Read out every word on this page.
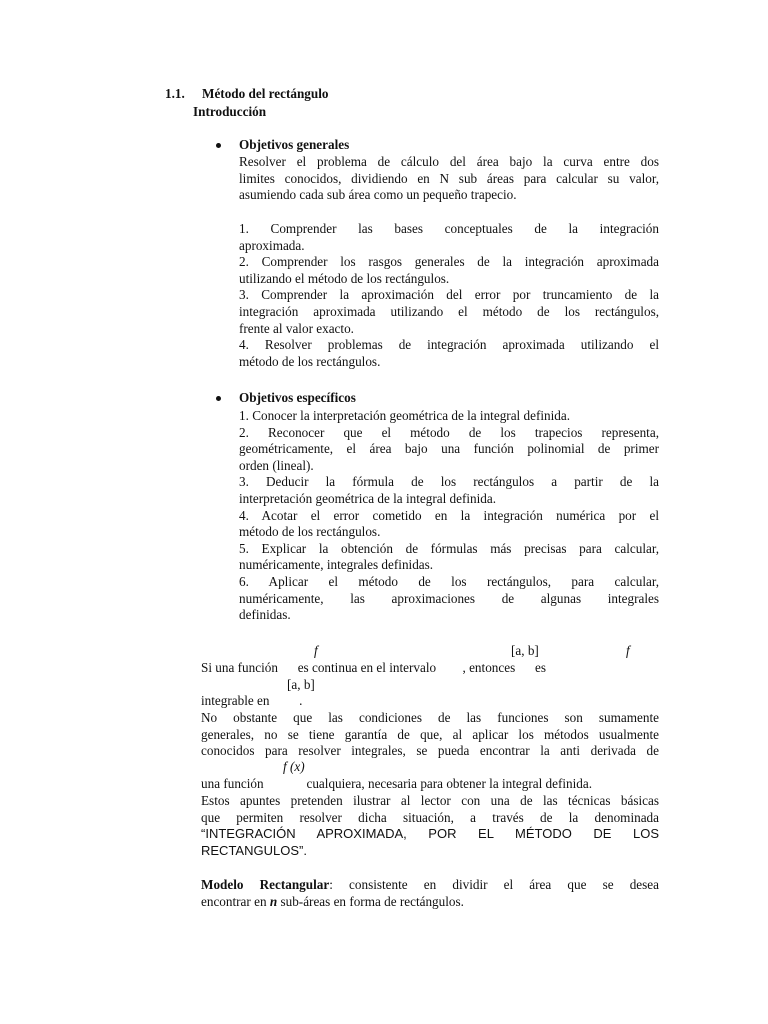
1.1. Método del rectángulo
Introducción
Objetivos generales

Resolver el problema de cálculo del área bajo la curva entre dos

limites conocidos, dividiendo en N sub áreas para calcular su valor,

asumiendo cada sub área como un pequeño trapecio.

1. Comprender las bases conceptuales de la integración

aproximada.

2. Comprender los rasgos generales de la integración aproximada

utilizando el método de los rectángulos.

3. Comprender la aproximación del error por truncamiento de la

integración aproximada utilizando el método de los rectángulos,

frente al valor exacto.

4. Resolver problemas de integración aproximada utilizando el

método de los rectángulos.

Objetivos específicos

1. Conocer la interpretación geométrica de la integral definida.

2. Reconocer que el método de los trapecios representa,

geométricamente, el área bajo una función polinomial de primer

orden (lineal).

3. Deducir la fórmula de los rectángulos a partir de la

interpretación geométrica de la integral definida.

4. Acotar el error cometido en la integración numérica por el

método de los rectángulos.

5. Explicar la obtención de fórmulas más precisas para calcular,

numéricamente, integrales definidas.

6. Aplicar el método de los rectángulos, para calcular,

numéricamente, las aproximaciones de algunas integrales

definidas.

f	[a, b]	f
[a, b]
f (x)
Si una función      es continua en el intervalo        , entonces      es
integrable en         .

No obstante que las condiciones de las funciones son sumamente

generales, no se tiene garantía de que, al aplicar los métodos usualmente

conocidos para resolver integrales, se pueda encontrar la anti derivada de

una función             cualquiera, necesaria para obtener la integral definida.

Estos apuntes pretenden ilustrar al lector con una de las técnicas básicas

que permiten resolver dicha situación, a través de la denominada

“INTEGRACIÓN APROXIMADA, POR EL MÉTODO DE LOS

RECTANGULOS”.

Modelo Rectangular: consistente en dividir el área que se desea

encontrar en n sub-áreas en forma de rectángulos.
